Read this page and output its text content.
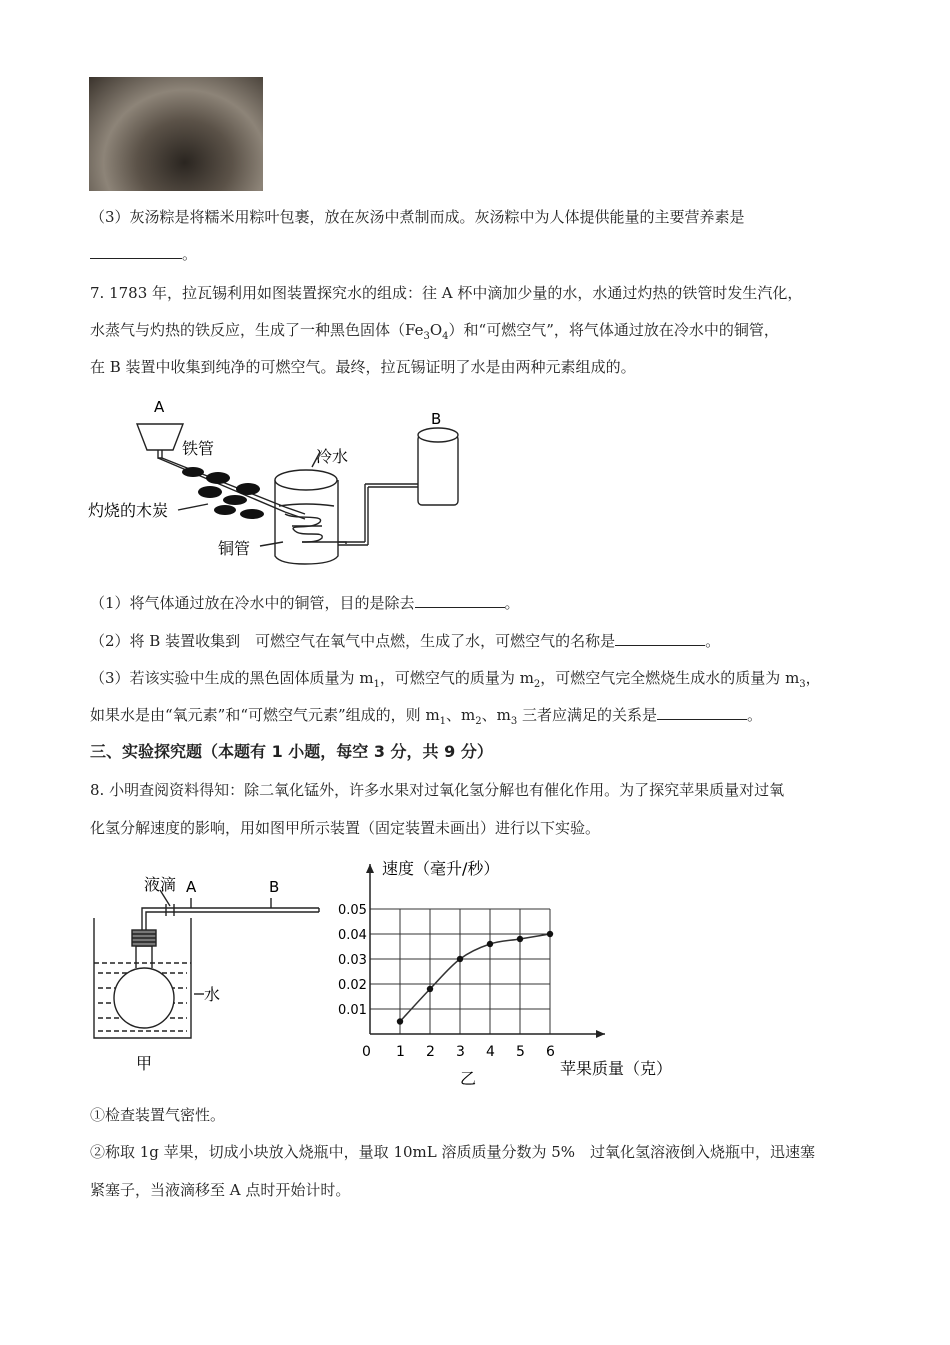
（3）灰汤粽是将糯米用粽叶包裹，放在灰汤中煮制而成。灰汤粽中为人体提供能量的主要营养素是
。
7. 1783 年，拉瓦锡利用如图装置探究水的组成：往 A 杯中滴加少量的水，水通过灼热的铁管时发生汽化，
水蒸气与灼热的铁反应，生成了一种黑色固体$(Fe_3O_4)$和“可燃空气”，将气体通过放在冷水中的铜管，
在 B 装置中收集到纯净的可燃空气。最终，拉瓦锡证明了水是由两种元素组成的。
A
B
铁管	冷水
灼烧的木炭
铜管
（1）将气体通过放在冷水中的铜管，目的是除去	。
（2）将 B 装置收集到　可燃空气在氧气中点燃，生成了水，可燃空气的名称是	。
（3）若该实验中生成的黑色固体质量为 $m_1$，可燃空气的质量为 $m_2$，可燃空气完全燃烧生成水的质量为 $m_3$，
如果水是由“氧元素”和“可燃空气元素”组成的，则 $m_1$、$m_2$、$m_3$ 三者应满足的关系是	。
三、实验探究题（本题有 1 小题，每空 3 分，共 9 分）
8. 小明查阅资料得知：除二氧化锰外，许多水果对过氧化氢分解也有催化作用。为了探究苹果质量对过氧
化氢分解速度的影响，用如图甲所示装置（固定装置未画出）进行以下实验。
液滴 A	B
水
甲
0 1 2 3 4 5 6
0.01
0.02
0.03
0.04
0.05
速度（毫升/秒）
苹果质量（克）
乙
①检查装置气密性。
②称取 1g 苹果，切成小块放入烧瓶中，量取 10mL 溶质质量分数为 5%　过氧化氢溶液倒入烧瓶中，迅速塞
紧塞子，当液滴移至 A 点时开始计时。
